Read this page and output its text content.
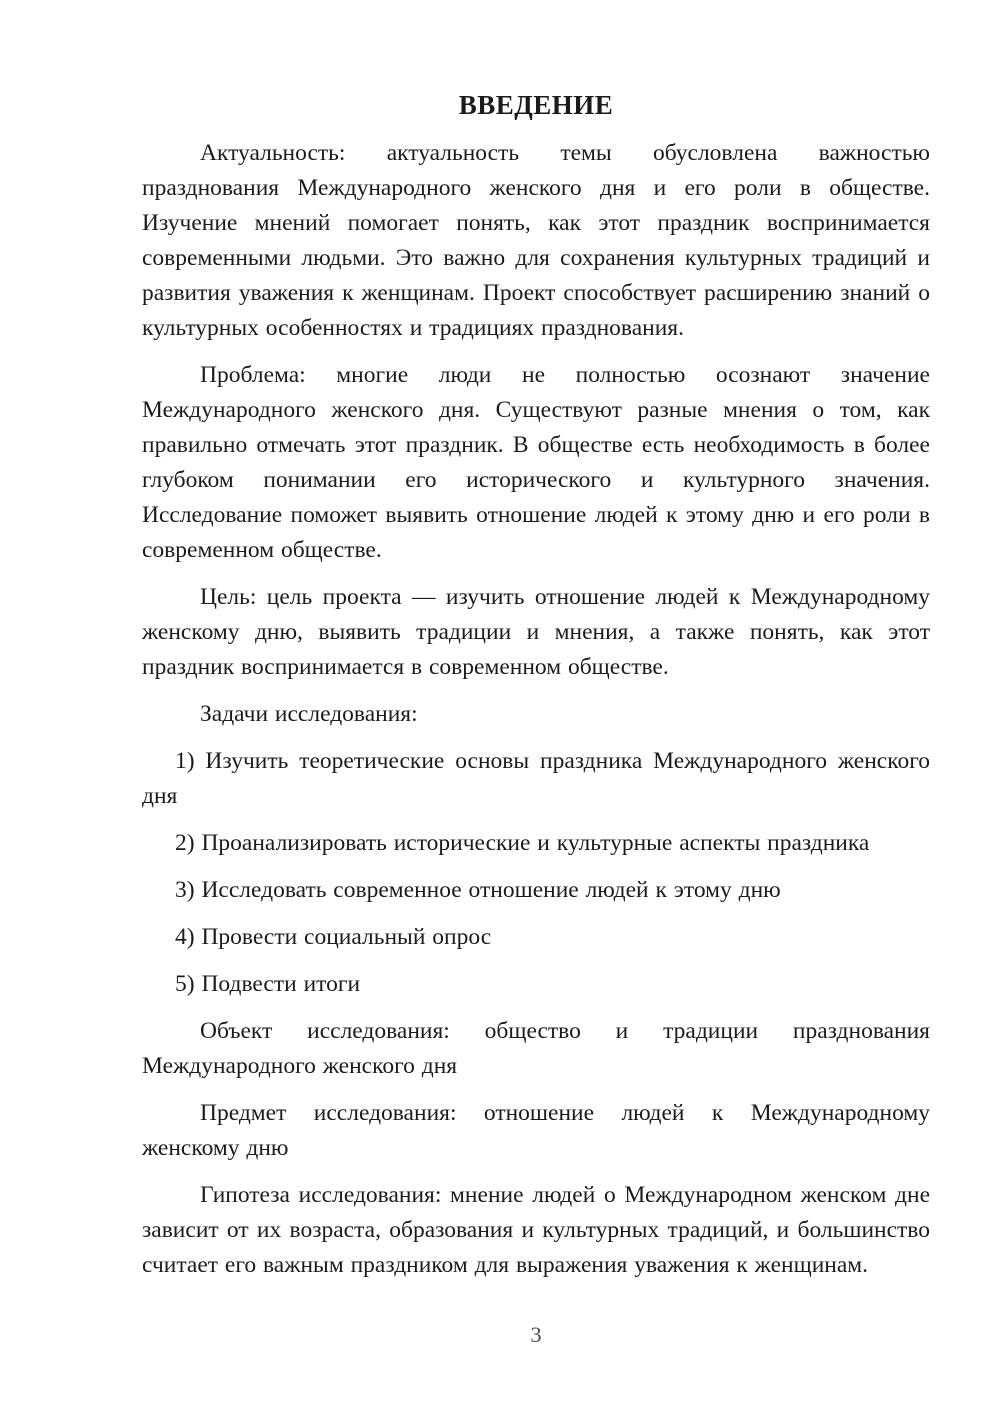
ВВЕДЕНИЕ

Актуальность: актуальность темы обусловлена важностью празднования Международного женского дня и его роли в обществе. Изучение мнений помогает понять, как этот праздник воспринимается современными людьми. Это важно для сохранения культурных традиций и развития уважения к женщинам. Проект способствует расширению знаний о культурных особенностях и традициях празднования.

Проблема: многие люди не полностью осознают значение Международного женского дня. Существуют разные мнения о том, как правильно отмечать этот праздник. В обществе есть необходимость в более глубоком понимании его исторического и культурного значения. Исследование поможет выявить отношение людей к этому дню и его роли в современном обществе.

Цель: цель проекта — изучить отношение людей к Международному женскому дню, выявить традиции и мнения, а также понять, как этот праздник воспринимается в современном обществе.

Задачи исследования:

1) Изучить теоретические основы праздника Международного женского дня

2) Проанализировать исторические и культурные аспекты праздника

3) Исследовать современное отношение людей к этому дню

4) Провести социальный опрос

5) Подвести итоги

Объект исследования: общество и традиции празднования Международного женского дня

Предмет исследования: отношение людей к Международному женскому дню

Гипотеза исследования: мнение людей о Международном женском дне зависит от их возраста, образования и культурных традиций, и большинство считает его важным праздником для выражения уважения к женщинам.

3
